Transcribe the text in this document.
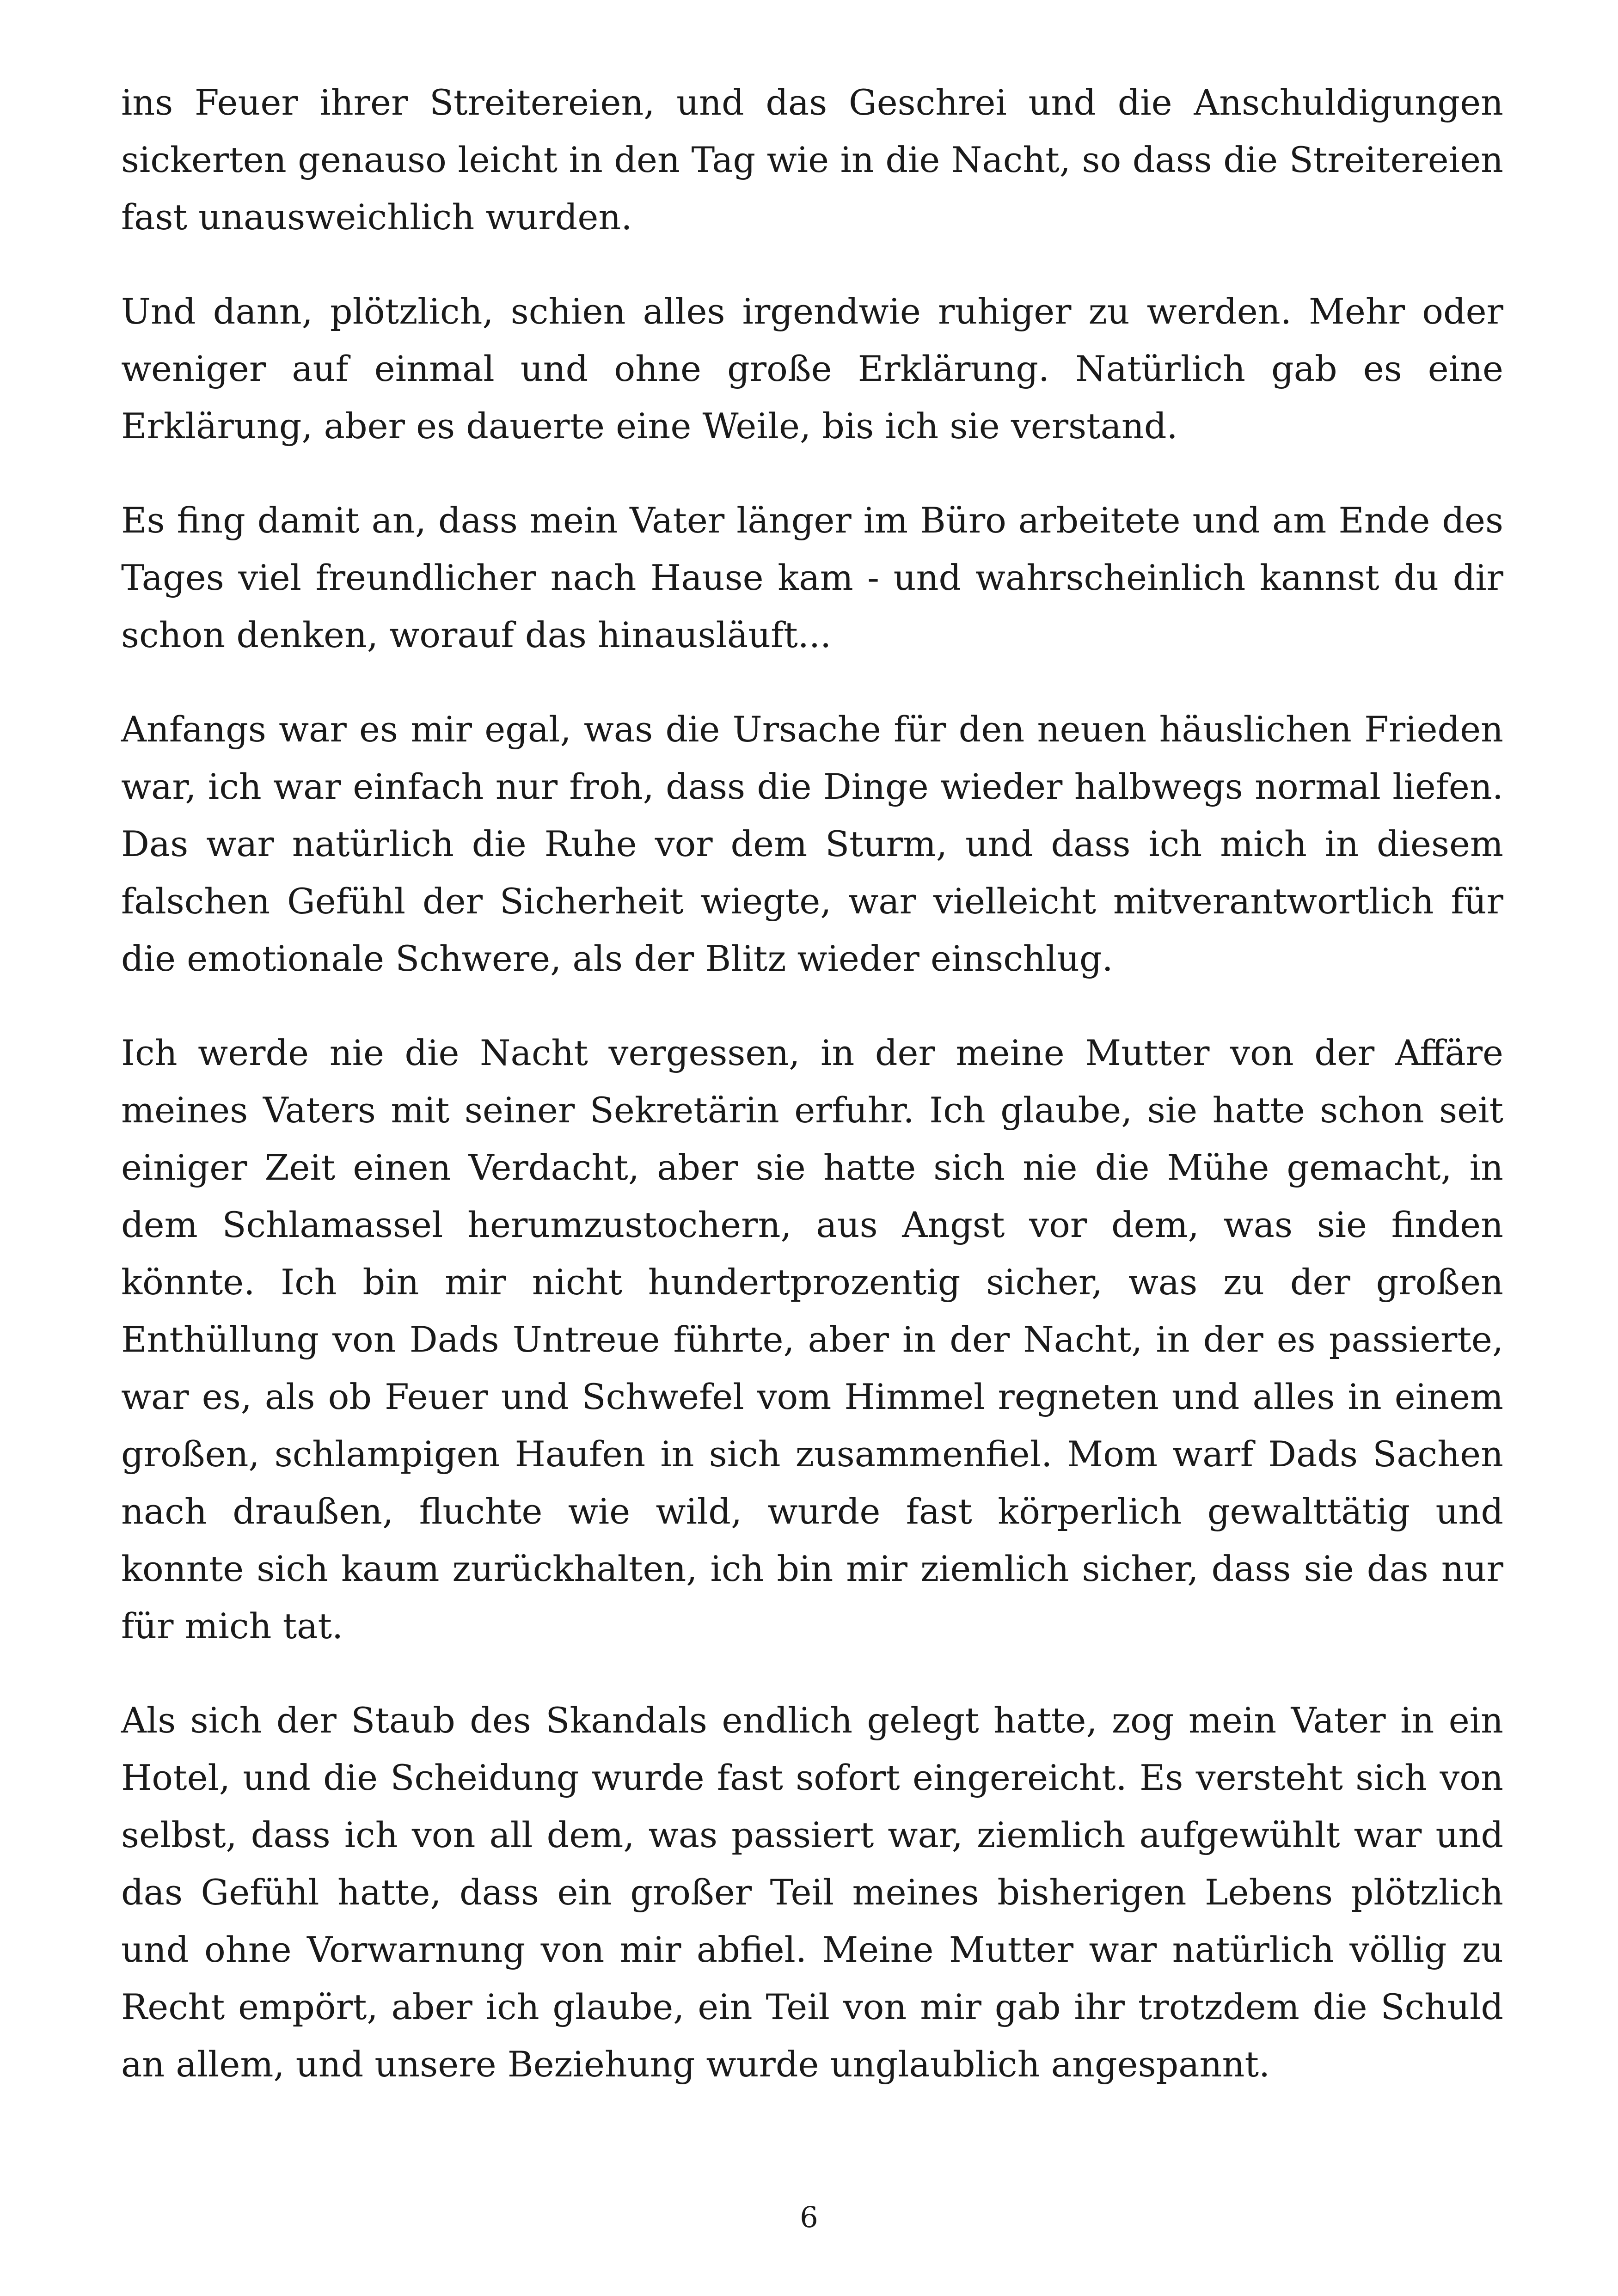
ins Feuer ihrer Streitereien, und das Geschrei und die Anschuldigungen
sickerten genauso leicht in den Tag wie in die Nacht, so dass die Streitereien
fast unausweichlich wurden.
Und dann, plötzlich, schien alles irgendwie ruhiger zu werden. Mehr oder
weniger auf einmal und ohne große Erklärung. Natürlich gab es eine
Erklärung, aber es dauerte eine Weile, bis ich sie verstand.
Es fing damit an, dass mein Vater länger im Büro arbeitete und am Ende des
Tages viel freundlicher nach Hause kam - und wahrscheinlich kannst du dir
schon denken, worauf das hinausläuft...
Anfangs war es mir egal, was die Ursache für den neuen häuslichen Frieden
war, ich war einfach nur froh, dass die Dinge wieder halbwegs normal liefen.
Das war natürlich die Ruhe vor dem Sturm, und dass ich mich in diesem
falschen Gefühl der Sicherheit wiegte, war vielleicht mitverantwortlich für
die emotionale Schwere, als der Blitz wieder einschlug.
Ich werde nie die Nacht vergessen, in der meine Mutter von der Affäre
meines Vaters mit seiner Sekretärin erfuhr. Ich glaube, sie hatte schon seit
einiger Zeit einen Verdacht, aber sie hatte sich nie die Mühe gemacht, in
dem Schlamassel herumzustochern, aus Angst vor dem, was sie finden
könnte. Ich bin mir nicht hundertprozentig sicher, was zu der großen
Enthüllung von Dads Untreue führte, aber in der Nacht, in der es passierte,
war es, als ob Feuer und Schwefel vom Himmel regneten und alles in einem
großen, schlampigen Haufen in sich zusammenfiel. Mom warf Dads Sachen
nach draußen, fluchte wie wild, wurde fast körperlich gewalttätig und
konnte sich kaum zurückhalten, ich bin mir ziemlich sicher, dass sie das nur
für mich tat.
Als sich der Staub des Skandals endlich gelegt hatte, zog mein Vater in ein
Hotel, und die Scheidung wurde fast sofort eingereicht. Es versteht sich von
selbst, dass ich von all dem, was passiert war, ziemlich aufgewühlt war und
das Gefühl hatte, dass ein großer Teil meines bisherigen Lebens plötzlich
und ohne Vorwarnung von mir abfiel. Meine Mutter war natürlich völlig zu
Recht empört, aber ich glaube, ein Teil von mir gab ihr trotzdem die Schuld
an allem, und unsere Beziehung wurde unglaublich angespannt.
6
